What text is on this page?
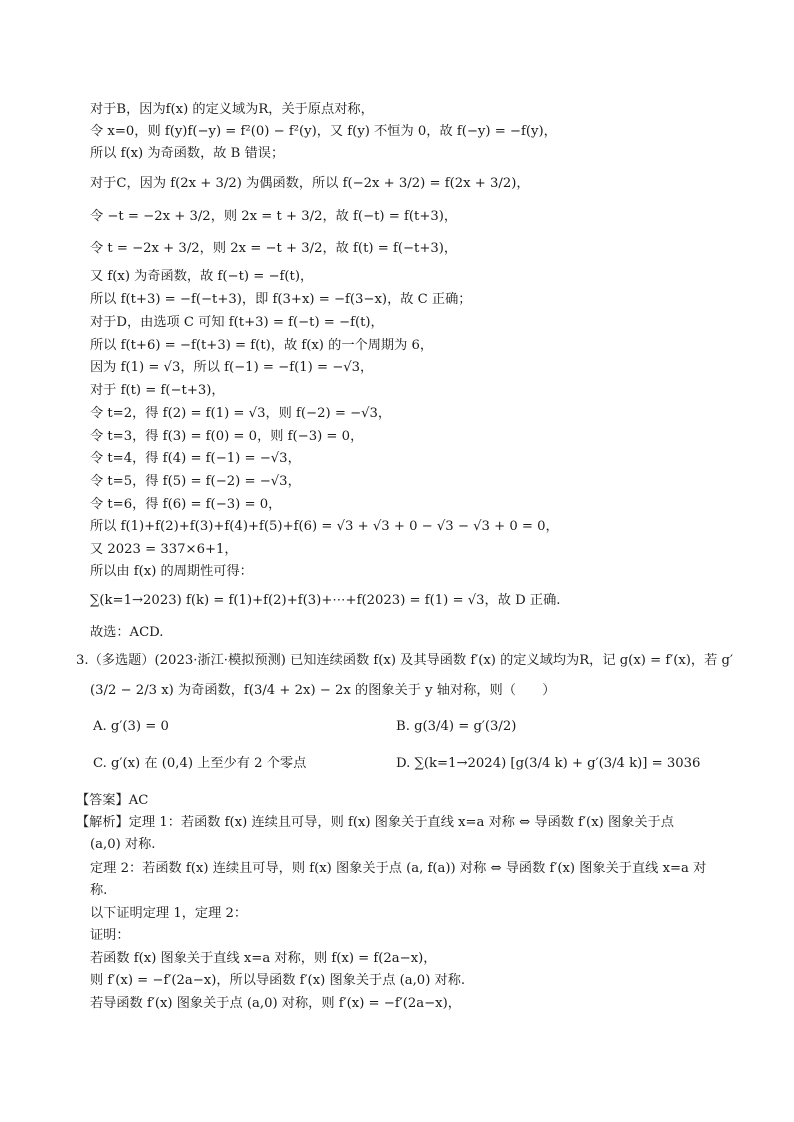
对于B，因为f(x) 的定义域为R，关于原点对称，
令 x=0，则 f(y)f(−y) = f²(0) − f²(y)，又 f(y) 不恒为 0，故 f(−y) = −f(y)，
所以 f(x) 为奇函数，故 B 错误；
对于C，因为 f(2x + 3/2) 为偶函数，所以 f(−2x + 3/2) = f(2x + 3/2)，
令 −t = −2x + 3/2，则 2x = t + 3/2，故 f(−t) = f(t+3)，
令 t = −2x + 3/2，则 2x = −t + 3/2，故 f(t) = f(−t+3)，
又 f(x) 为奇函数，故 f(−t) = −f(t)，
所以 f(t+3) = −f(−t+3)，即 f(3+x) = −f(3−x)，故 C 正确；
对于D，由选项 C 可知 f(t+3) = f(−t) = −f(t)，
所以 f(t+6) = −f(t+3) = f(t)，故 f(x) 的一个周期为 6，
因为 f(1) = √3，所以 f(−1) = −f(1) = −√3，
对于 f(t) = f(−t+3)，
令 t=2，得 f(2) = f(1) = √3，则 f(−2) = −√3，
令 t=3，得 f(3) = f(0) = 0，则 f(−3) = 0，
令 t=4，得 f(4) = f(−1) = −√3，
令 t=5，得 f(5) = f(−2) = −√3，
令 t=6，得 f(6) = f(−3) = 0，
所以 f(1)+f(2)+f(3)+f(4)+f(5)+f(6) = √3 + √3 + 0 − √3 − √3 + 0 = 0，
又 2023 = 337×6+1，
所以由 f(x) 的周期性可得：
∑(k=1→2023) f(k) = f(1)+f(2)+f(3)+⋯+f(2023) = f(1) = √3，故 D 正确.
故选：ACD.
3.（多选题）(2023·浙江·模拟预测) 已知连续函数 f(x) 及其导函数 f′(x) 的定义域均为R，记 g(x) = f′(x)，若 g′
(3/2 − 2/3 x) 为奇函数，f(3/4 + 2x) − 2x 的图象关于 y 轴对称，则（　　）
A. g′(3) = 0	B. g(3/4) = g′(3/2)
C. g′(x) 在 (0,4) 上至少有 2 个零点	D. ∑(k=1→2024) [g(3/4 k) + g′(3/4 k)] = 3036
【答案】AC
【解析】定理 1：若函数 f(x) 连续且可导，则 f(x) 图象关于直线 x=a 对称 ⇔ 导函数 f′(x) 图象关于点
(a,0) 对称.
定理 2：若函数 f(x) 连续且可导，则 f(x) 图象关于点 (a, f(a)) 对称 ⇔ 导函数 f′(x) 图象关于直线 x=a 对
称.
以下证明定理 1，定理 2：
证明：
若函数 f(x) 图象关于直线 x=a 对称，则 f(x) = f(2a−x)，
则 f′(x) = −f′(2a−x)，所以导函数 f′(x) 图象关于点 (a,0) 对称.
若导函数 f′(x) 图象关于点 (a,0) 对称，则 f′(x) = −f′(2a−x)，
